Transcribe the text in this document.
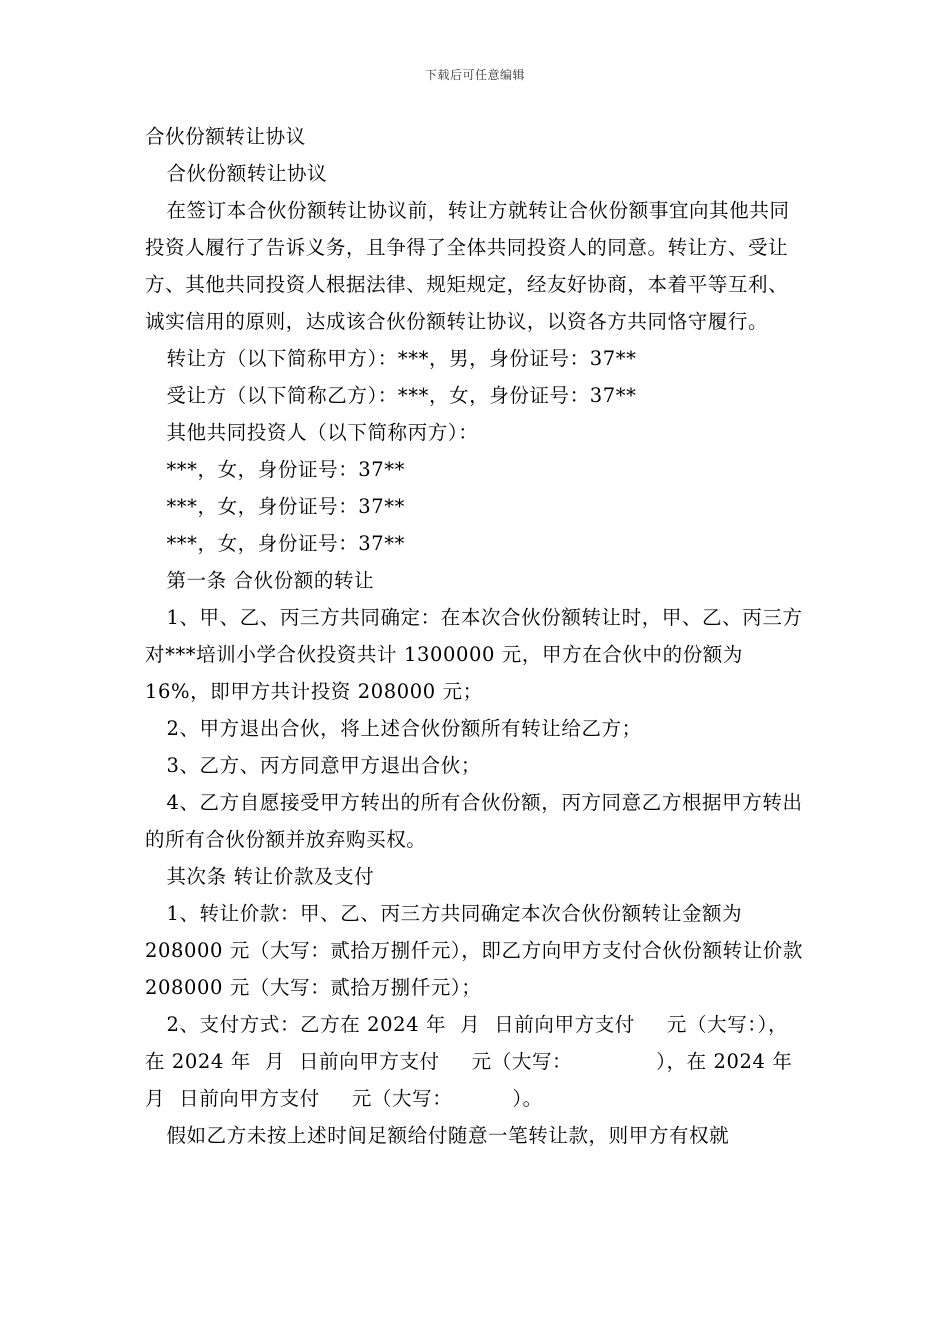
下载后可任意编辑

合伙份额转让协议

合伙份额转让协议

在签订本合伙份额转让协议前，转让方就转让合伙份额事宜向其他共同投资人履行了告诉义务，且争得了全体共同投资人的同意。转让方、受让方、其他共同投资人根据法律、规矩规定，经友好协商，本着平等互利、诚实信用的原则，达成该合伙份额转让协议，以资各方共同恪守履行。

转让方（以下简称甲方）：***，男，身份证号：37**

受让方（以下简称乙方）：***，女，身份证号：37**

其他共同投资人（以下简称丙方）：

***，女，身份证号：37**

***，女，身份证号：37**

***，女，身份证号：37**

第一条 合伙份额的转让

1、甲、乙、丙三方共同确定：在本次合伙份额转让时，甲、乙、丙三方对***培训小学合伙投资共计 1300000 元，甲方在合伙中的份额为 16%，即甲方共计投资 208000 元；

2、甲方退出合伙，将上述合伙份额所有转让给乙方；

3、乙方、丙方同意甲方退出合伙；

4、乙方自愿接受甲方转出的所有合伙份额，丙方同意乙方根据甲方转出的所有合伙份额并放弃购买权。

其次条 转让价款及支付

1、转让价款：甲、乙、丙三方共同确定本次合伙份额转让金额为 208000 元（大写：贰拾万捌仟元），即乙方向甲方支付合伙份额转让价款 208000 元（大写：贰拾万捌仟元）；

2、支付方式：乙方在 2024 年 月 日前向甲方支付 元（大写：），在 2024 年 月 日前向甲方支付 元（大写：	），在 2024 年月 日前向甲方支付 元（大写：	）。

假如乙方未按上述时间足额给付随意一笔转让款，则甲方有权就
